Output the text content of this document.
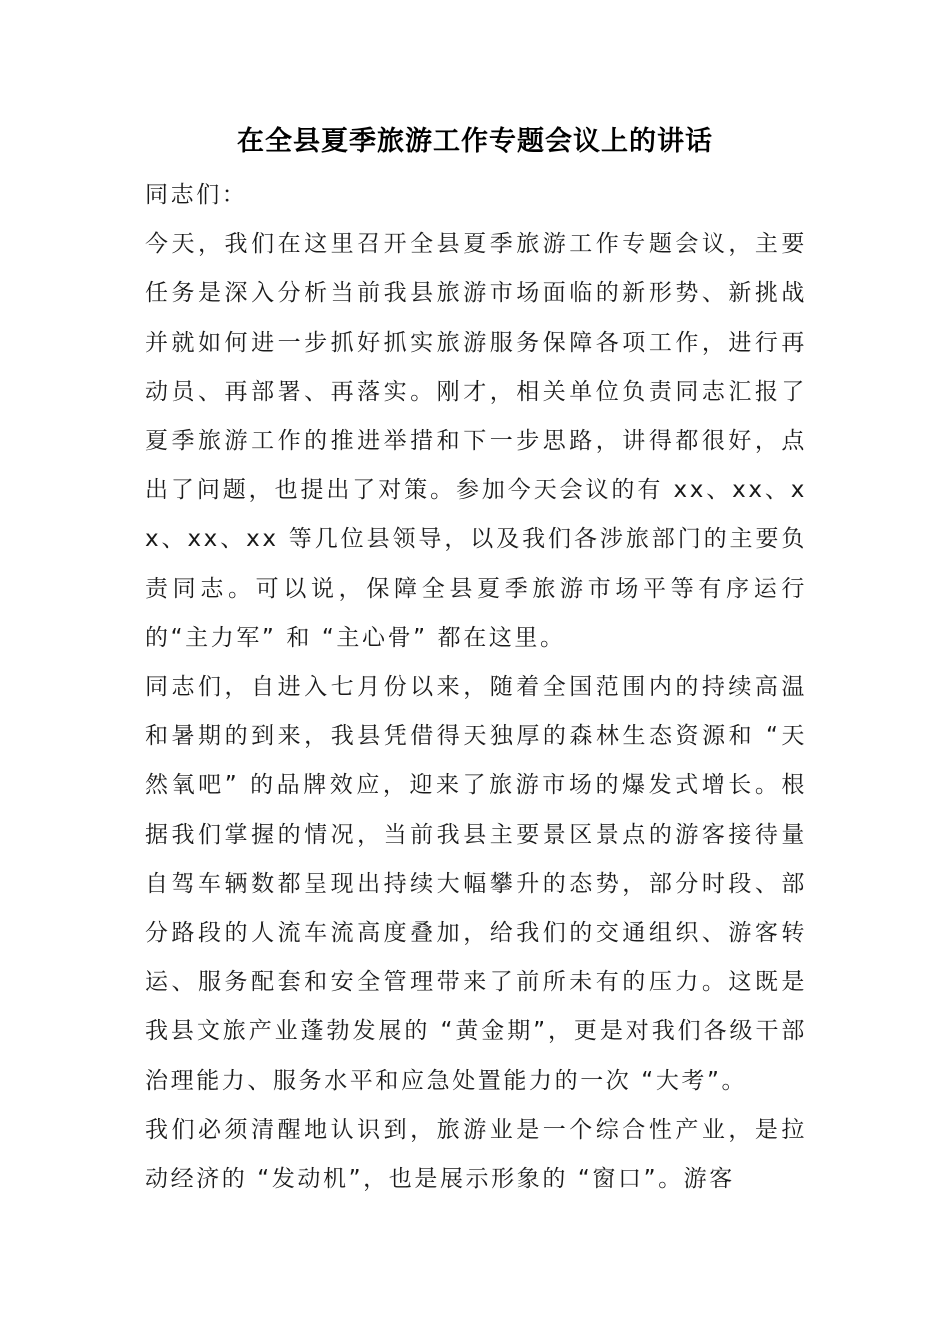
在全县夏季旅游工作专题会议上的讲话

同志们：

今天，我们在这里召开全县夏季旅游工作专题会议，主要任务是深入分析当前我县旅游市场面临的新形势、新挑战并就如何进一步抓好抓实旅游服务保障各项工作，进行再动员、再部署、再落实。刚才，相关单位负责同志汇报了夏季旅游工作的推进举措和下一步思路，讲得都很好，点出了问题，也提出了对策。参加今天会议的有 xx、xx、xx、xx、xx 等几位县领导，以及我们各涉旅部门的主要负责同志。可以说，保障全县夏季旅游市场平等有序运行的“主力军” 和 “主心骨” 都在这里。

同志们，自进入七月份以来，随着全国范围内的持续高温和暑期的到来，我县凭借得天独厚的森林生态资源和 “天然氧吧” 的品牌效应，迎来了旅游市场的爆发式增长。根据我们掌握的情况，当前我县主要景区景点的游客接待量自驾车辆数都呈现出持续大幅攀升的态势，部分时段、部分路段的人流车流高度叠加，给我们的交通组织、游客转运、服务配套和安全管理带来了前所未有的压力。这既是我县文旅产业蓬勃发展的 “黄金期”，更是对我们各级干部治理能力、服务水平和应急处置能力的一次 “大考”。

我们必须清醒地认识到，旅游业是一个综合性产业，是拉动经济的 “发动机”，也是展示形象的 “窗口”。游客
